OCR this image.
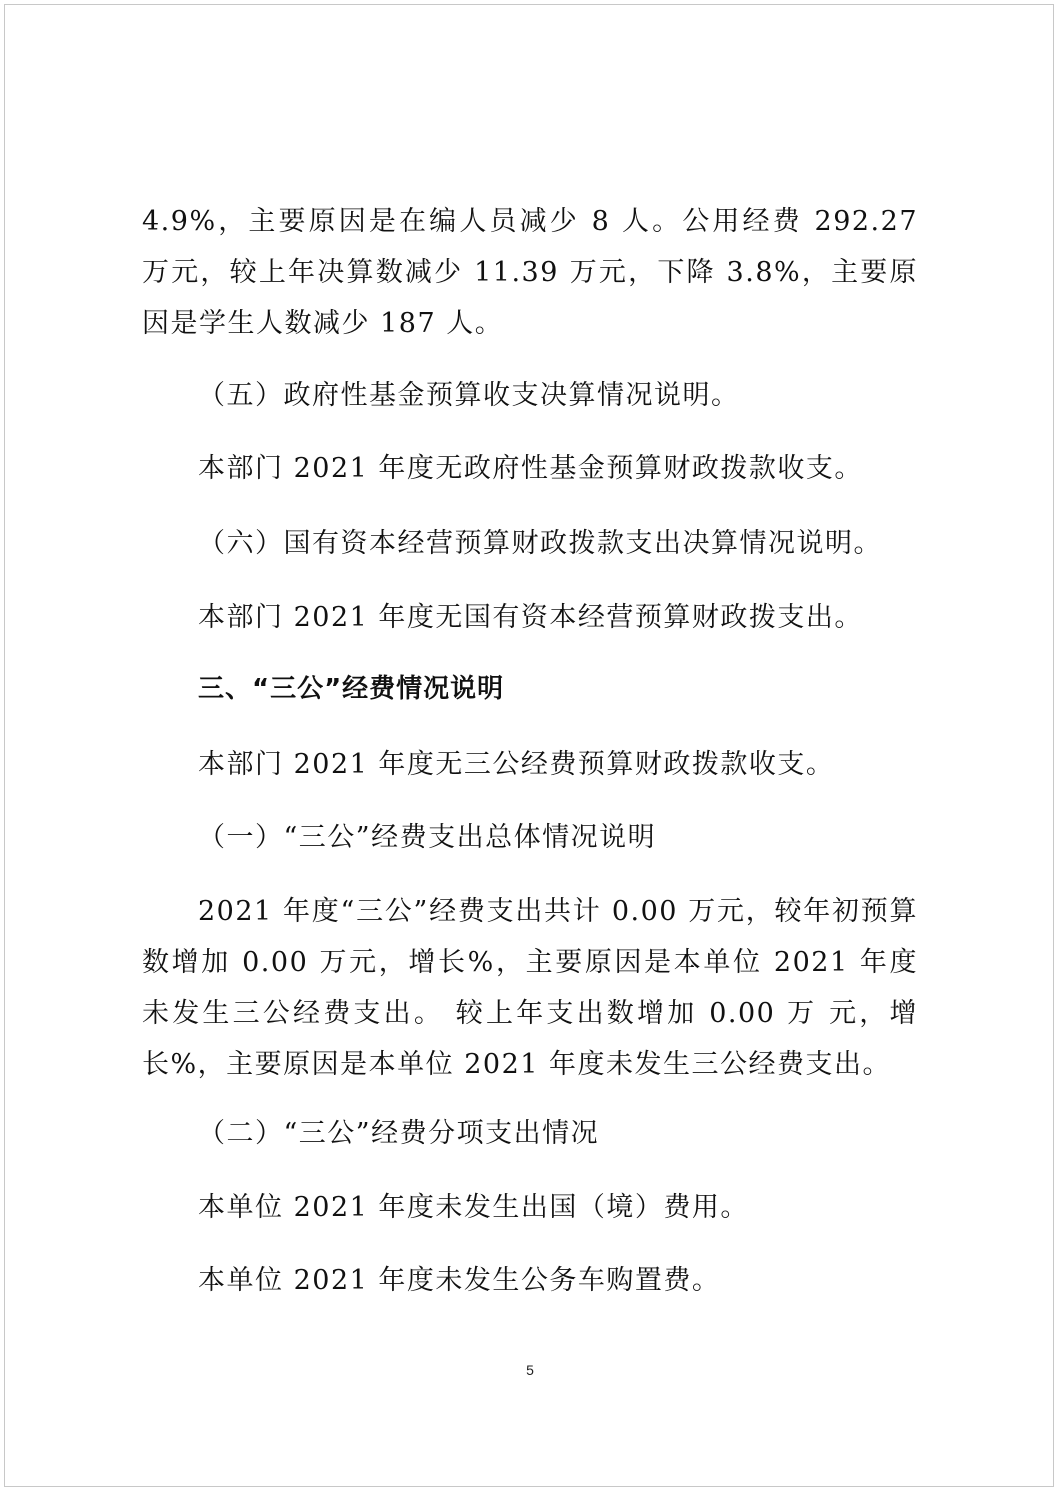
4.9%，主要原因是在编人员减少 8 人。公用经费 292.27 万元，较上年决算数减少 11.39 万元，下降 3.8%，主要原因是学生人数减少 187 人。

（五）政府性基金预算收支决算情况说明。

本部门 2021 年度无政府性基金预算财政拨款收支。

（六）国有资本经营预算财政拨款支出决算情况说明。

本部门 2021 年度无国有资本经营预算财政拨支出。

三、“三公”经费情况说明

本部门 2021 年度无三公经费预算财政拨款收支。

（一）“三公”经费支出总体情况说明

2021 年度“三公”经费支出共计 0.00 万元，较年初预算数增加 0.00 万元，增长%，主要原因是本单位 2021 年度未发生三公经费支出。 较上年支出数增加 0.00 万 元，增长%，主要原因是本单位 2021 年度未发生三公经费支出。

（二）“三公”经费分项支出情况

本单位 2021 年度未发生出国（境）费用。

本单位 2021 年度未发生公务车购置费。

5
